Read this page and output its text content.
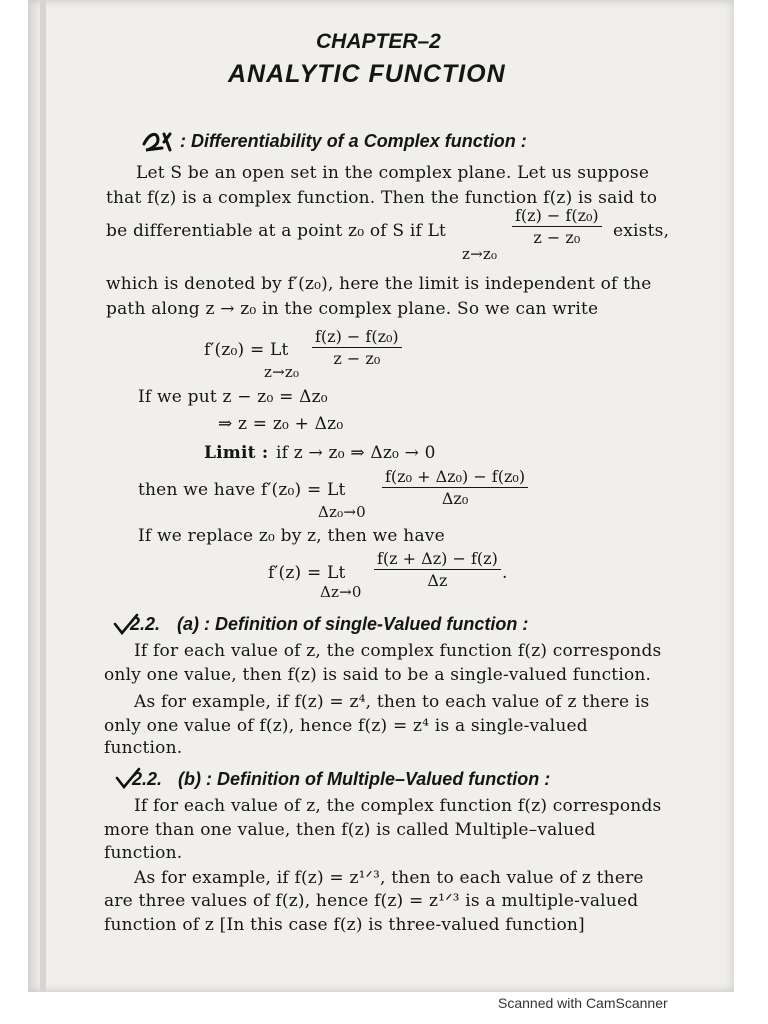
CHAPTER–2
ANALYTIC FUNCTION
: Differentiability of a Complex function :
Let S be an open set in the complex plane. Let us suppose
that f(z) is a complex function. Then the function f(z) is said to
be differentiable at a point z₀ of S if Lt	$\frac{\text{f(z) − f(z₀)}}{\text{z − z₀}}$ exists,
z→z₀
which is denoted by f′(z₀), here the limit is independent of the
path along z → z₀ in the complex plane. So we can write
f′(z₀) = Lt $\frac{\text{f(z) − f(z₀)}}{\text{z − z₀}}$
z→z₀
If we put z − z₀ = Δz₀
⇒ z = z₀ + Δz₀
Limit : if z → z₀ ⇒ Δz₀ → 0
then we have f′(z₀) = Lt $\frac{\text{f(z₀ + Δz₀) − f(z₀)}}{\text{Δz₀}}$
Δz₀→0
If we replace z₀ by z, then we have
f′(z) = Lt $\frac{f(z + \Delta z) - f(z)}{\Delta z}$ .
Δz→0
2.2. (a) : Definition of single-Valued function :
If for each value of z, the complex function f(z) corresponds
only one value, then f(z) is said to be a single-valued function.
As for example, if f(z) = z⁴, then to each value of z there is
only one value of f(z), hence f(z) = z⁴ is a single-valued
function.
2.2. (b) : Definition of Multiple–Valued function :
If for each value of z, the complex function f(z) corresponds
more than one value, then f(z) is called Multiple–valued
function.
As for example, if f(z) = z¹ᐟ³, then to each value of z there
are three values of f(z), hence f(z) = z¹ᐟ³ is a multiple-valued
function of z [In this case f(z) is three-valued function]
Scanned with CamScanner
